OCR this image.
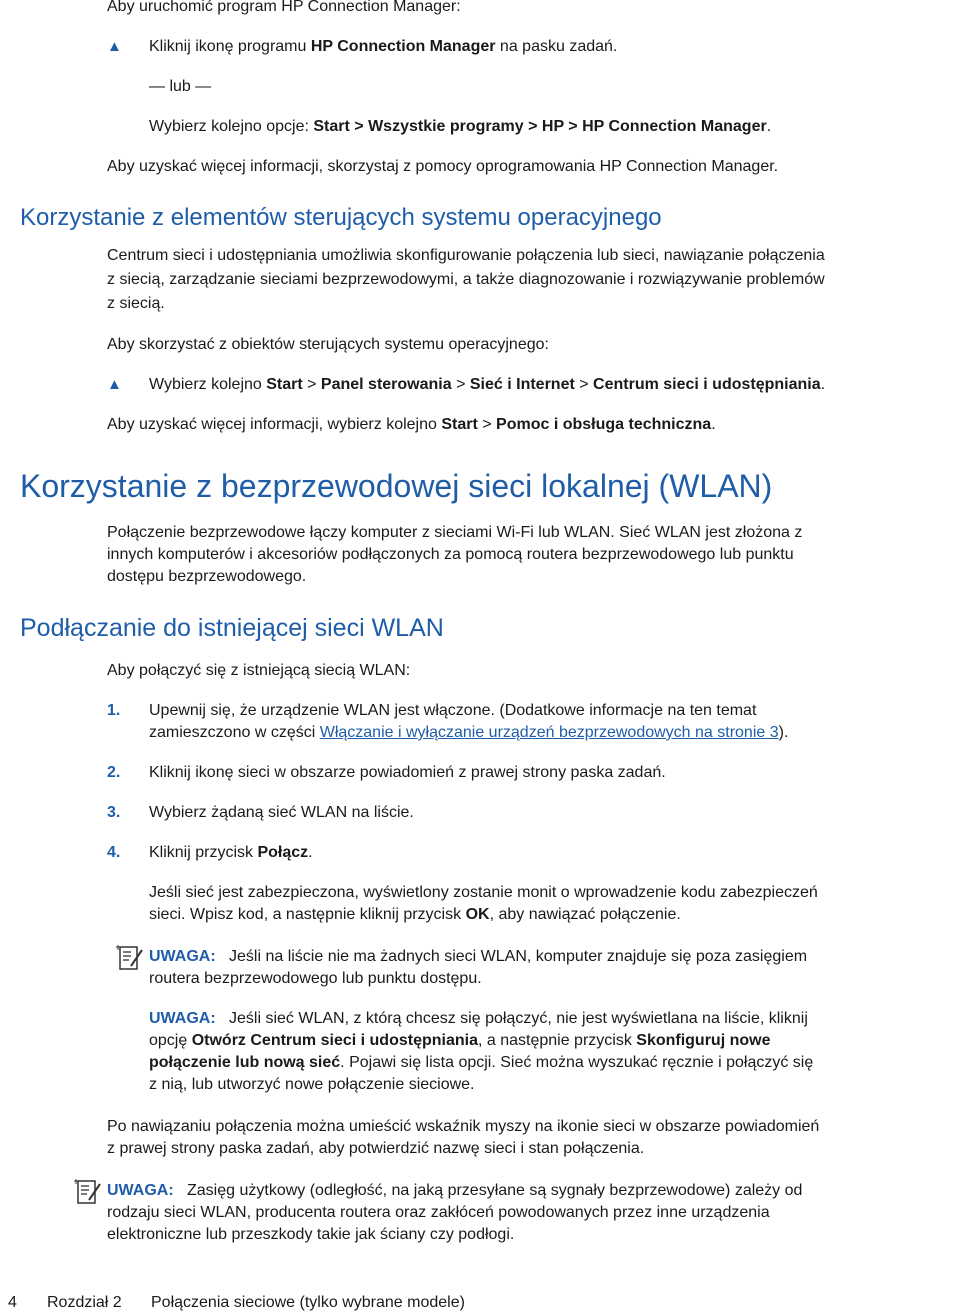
Aby uruchomić program HP Connection Manager:

▲ Kliknij ikonę programu HP Connection Manager na pasku zadań.

— lub —

Wybierz kolejno opcje: Start > Wszystkie programy > HP > HP Connection Manager.

Aby uzyskać więcej informacji, skorzystaj z pomocy oprogramowania HP Connection Manager.

Korzystanie z elementów sterujących systemu operacyjnego

Centrum sieci i udostępniania umożliwia skonfigurowanie połączenia lub sieci, nawiązanie połączenia

z siecią, zarządzanie sieciami bezprzewodowymi, a także diagnozowanie i rozwiązywanie problemów

z siecią.

Aby skorzystać z obiektów sterujących systemu operacyjnego:

▲ Wybierz kolejno Start > Panel sterowania > Sieć i Internet > Centrum sieci i udostępniania.

Aby uzyskać więcej informacji, wybierz kolejno Start > Pomoc i obsługa techniczna.

Korzystanie z bezprzewodowej sieci lokalnej (WLAN)

Połączenie bezprzewodowe łączy komputer z sieciami Wi-Fi lub WLAN. Sieć WLAN jest złożona z

innych komputerów i akcesoriów podłączonych za pomocą routera bezprzewodowego lub punktu

dostępu bezprzewodowego.

Podłączanie do istniejącej sieci WLAN

Aby połączyć się z istniejącą siecią WLAN:

1. Upewnij się, że urządzenie WLAN jest włączone. (Dodatkowe informacje na ten temat

zamieszczono w części Włączanie i wyłączanie urządzeń bezprzewodowych na stronie 3).

2. Kliknij ikonę sieci w obszarze powiadomień z prawej strony paska zadań.

3. Wybierz żądaną sieć WLAN na liście.

4. Kliknij przycisk Połącz.

Jeśli sieć jest zabezpieczona, wyświetlony zostanie monit o wprowadzenie kodu zabezpieczeń

sieci. Wpisz kod, a następnie kliknij przycisk OK, aby nawiązać połączenie.

UWAGA: Jeśli na liście nie ma żadnych sieci WLAN, komputer znajduje się poza zasięgiem

routera bezprzewodowego lub punktu dostępu.

UWAGA: Jeśli sieć WLAN, z którą chcesz się połączyć, nie jest wyświetlana na liście, kliknij

opcję Otwórz Centrum sieci i udostępniania, a następnie przycisk Skonfiguruj nowe

połączenie lub nową sieć. Pojawi się lista opcji. Sieć można wyszukać ręcznie i połączyć się

z nią, lub utworzyć nowe połączenie sieciowe.

Po nawiązaniu połączenia można umieścić wskaźnik myszy na ikonie sieci w obszarze powiadomień

z prawej strony paska zadań, aby potwierdzić nazwę sieci i stan połączenia.

UWAGA: Zasięg użytkowy (odległość, na jaką przesyłane są sygnały bezprzewodowe) zależy od

rodzaju sieci WLAN, producenta routera oraz zakłóceń powodowanych przez inne urządzenia

elektroniczne lub przeszkody takie jak ściany czy podłogi.

4 Rozdział 2 Połączenia sieciowe (tylko wybrane modele)
